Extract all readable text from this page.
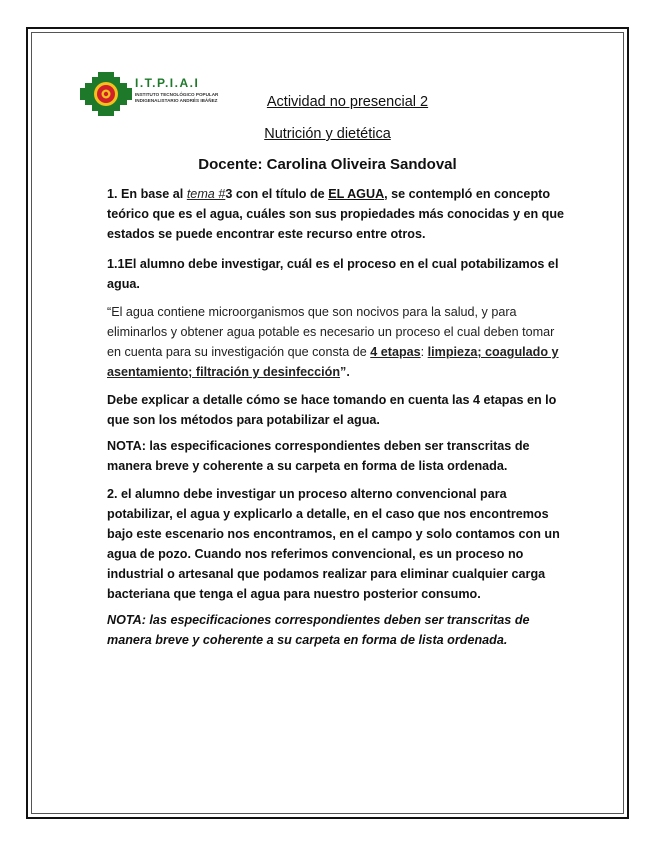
I.T.P.I.A.I
INSTITUTO TECNOLÓGICO POPULAR
INDIGENALISTARIO ANDRÉS IBÁÑEZ	Actividad no presencial 2
Nutrición y dietética
Docente: Carolina Oliveira Sandoval
1. En base al tema #3 con el título de EL AGUA, se contempló en concepto teórico que es el agua, cuáles son sus propiedades más conocidas y en que estados se puede encontrar este recurso entre otros.
1.1El alumno debe investigar, cuál es el proceso en el cual potabilizamos el agua.
“El agua contiene microorganismos que son nocivos para la salud, y para eliminarlos y obtener agua potable es necesario un proceso el cual deben tomar en cuenta para su investigación que consta de 4 etapas: limpieza; coagulado y asentamiento; filtración y desinfección”.
Debe explicar a detalle cómo se hace tomando en cuenta las 4 etapas en lo que son los métodos para potabilizar el agua.
NOTA: las especificaciones correspondientes deben ser transcritas de manera breve y coherente a su carpeta en forma de lista ordenada.
2. el alumno debe investigar un proceso alterno convencional para potabilizar, el agua y explicarlo a detalle, en el caso que nos encontremos bajo este escenario nos encontramos, en el campo y solo contamos con un agua de pozo. Cuando nos referimos convencional, es un proceso no industrial o artesanal que podamos realizar para eliminar cualquier carga bacteriana que tenga el agua para nuestro posterior consumo.
NOTA: las especificaciones correspondientes deben ser transcritas de manera breve y coherente a su carpeta en forma de lista ordenada.
